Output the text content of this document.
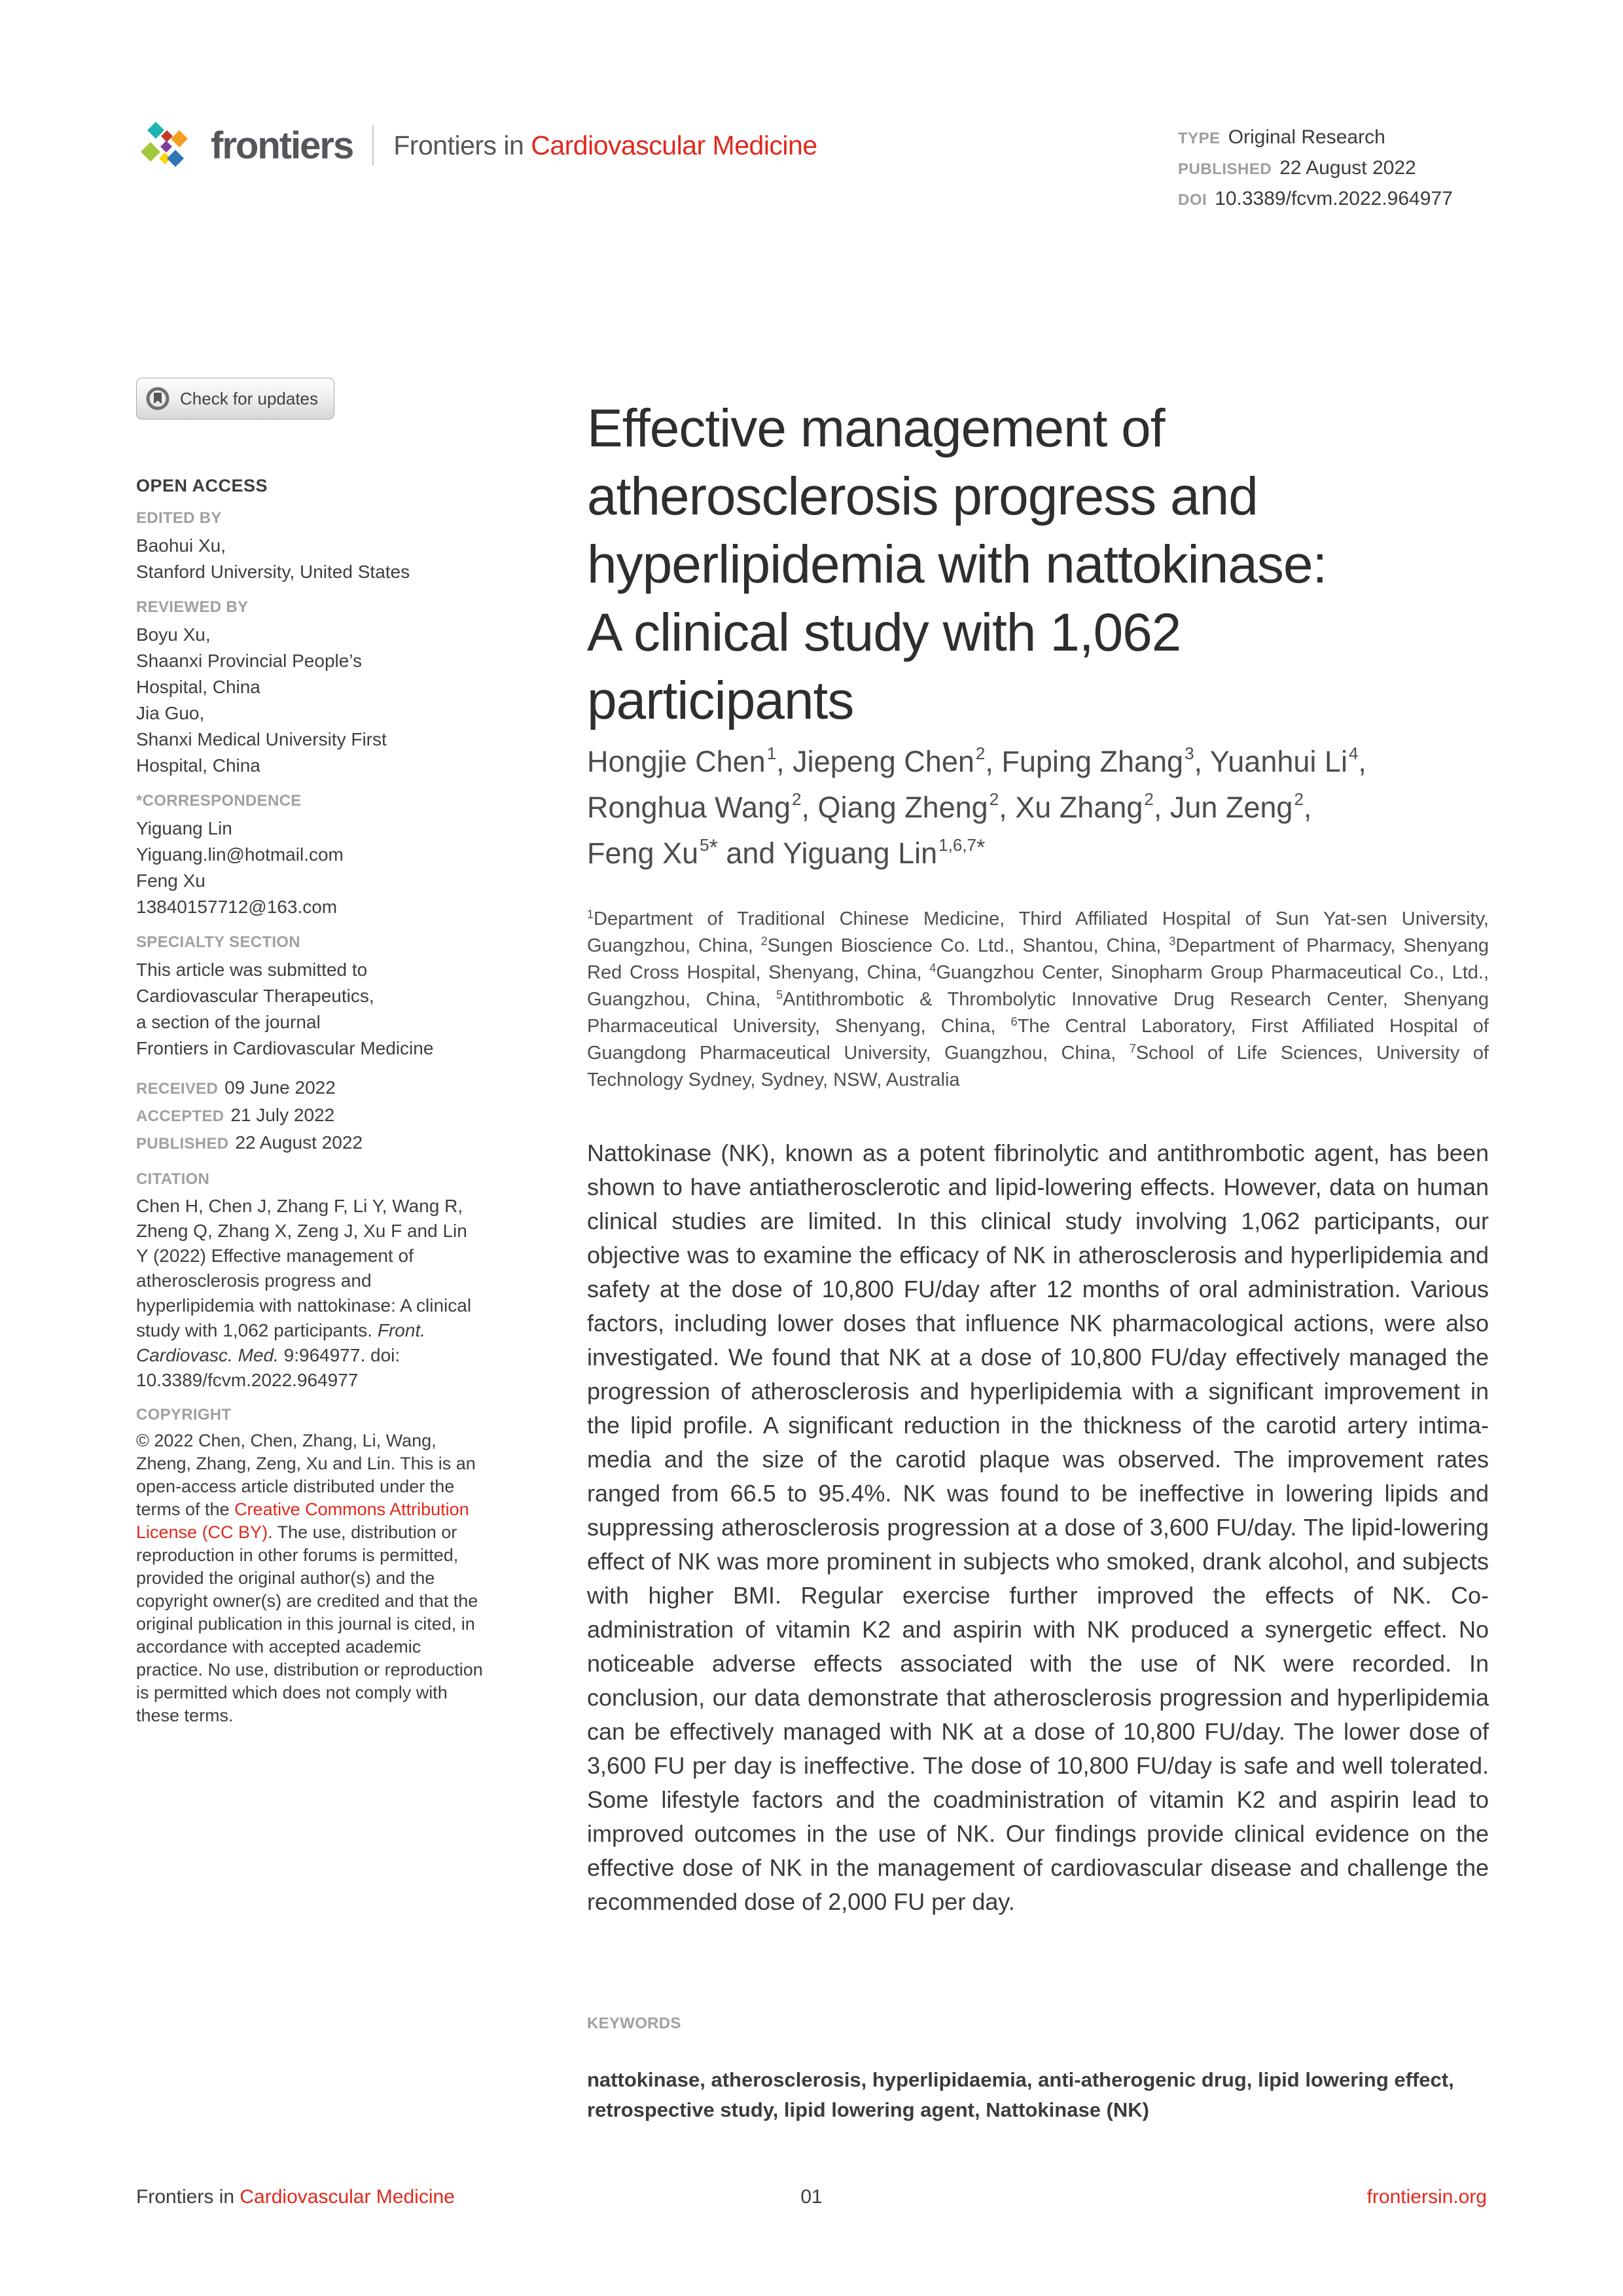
frontiers Frontiers in Cardiovascular Medicine	TYPE Original Research
PUBLISHED 22 August 2022
DOI 10.3389/fcvm.2022.964977
Check for updates
OPEN ACCESS
EDITED BY
Baohui Xu,
Stanford University, United States
REVIEWED BY
Boyu Xu,
Shaanxi Provincial People’s
Hospital, China
Jia Guo,
Shanxi Medical University First
Hospital, China
*CORRESPONDENCE
Yiguang Lin
Yiguang.lin@hotmail.com
Feng Xu
13840157712@163.com
SPECIALTY SECTION
This article was submitted to
Cardiovascular Therapeutics,
a section of the journal
Frontiers in Cardiovascular Medicine
RECEIVED 09 June 2022
ACCEPTED 21 July 2022
PUBLISHED 22 August 2022
CITATION
Chen H, Chen J, Zhang F, Li Y, Wang R, Zheng Q, Zhang X, Zeng J, Xu F and Lin Y (2022) Effective management of atherosclerosis progress and hyperlipidemia with nattokinase: A clinical study with 1,062 participants. Front. Cardiovasc. Med. 9:964977. doi: 10.3389/fcvm.2022.964977
COPYRIGHT
© 2022 Chen, Chen, Zhang, Li, Wang, Zheng, Zhang, Zeng, Xu and Lin. This is an open-access article distributed under the terms of the Creative Commons Attribution License (CC BY). The use, distribution or reproduction in other forums is permitted, provided the original author(s) and the copyright owner(s) are credited and that the original publication in this journal is cited, in accordance with accepted academic practice. No use, distribution or reproduction is permitted which does not comply with these terms.
Effective management of
atherosclerosis progress and
hyperlipidemia with nattokinase:
A clinical study with 1,062
participants
Hongjie Chen$^1$, Jiepeng Chen$^2$, Fuping Zhang$^3$, Yuanhui Li$^4$,
Ronghua Wang$^2$, Qiang Zheng$^2$, Xu Zhang$^2$, Jun Zeng$^2$,
Feng $Xu^{5*}$ and Yiguang Lin$^{1,6,7*}$

$^1$Department of Traditional Chinese Medicine, Third Affiliated Hospital of Sun Yat-sen University, Guangzhou, China, $^2$Sungen Bioscience Co. Ltd., Shantou, China, $^3$Department of Pharmacy, Shenyang Red Cross Hospital, Shenyang, China, $^4$Guangzhou Center, Sinopharm Group Pharmaceutical Co., Ltd., Guangzhou, China, $^5$Antithrombotic & Thrombolytic Innovative Drug Research Center, Shenyang Pharmaceutical University, Shenyang, China, $^6$The Central Laboratory, First Affiliated Hospital of Guangdong Pharmaceutical University, Guangzhou, China, $^7$School of Life Sciences, University of Technology Sydney, Sydney, NSW, Australia

Nattokinase (NK), known as a potent fibrinolytic and antithrombotic agent, has been shown to have antiatherosclerotic and lipid-lowering effects. However, data on human clinical studies are limited. In this clinical study involving 1,062 participants, our objective was to examine the efficacy of NK in atherosclerosis and hyperlipidemia and safety at the dose of 10,800 FU/day after 12 months of oral administration. Various factors, including lower doses that influence NK pharmacological actions, were also investigated. We found that NK at a dose of 10,800 FU/day effectively managed the progression of atherosclerosis and hyperlipidemia with a significant improvement in the lipid profile. A significant reduction in the thickness of the carotid artery intima-media and the size of the carotid plaque was observed. The improvement rates ranged from 66.5 to 95.4%. NK was found to be ineffective in lowering lipids and suppressing atherosclerosis progression at a dose of 3,600 FU/day. The lipid-lowering effect of NK was more prominent in subjects who smoked, drank alcohol, and subjects with higher BMI. Regular exercise further improved the effects of NK. Co-administration of vitamin K2 and aspirin with NK produced a synergetic effect. No noticeable adverse effects associated with the use of NK were recorded. In conclusion, our data demonstrate that atherosclerosis progression and hyperlipidemia can be effectively managed with NK at a dose of 10,800 FU/day. The lower dose of 3,600 FU per day is ineffective. The dose of 10,800 FU/day is safe and well tolerated. Some lifestyle factors and the coadministration of vitamin K2 and aspirin lead to improved outcomes in the use of NK. Our findings provide clinical evidence on the effective dose of NK in the management of cardiovascular disease and challenge the recommended dose of 2,000 FU per day.

KEYWORDS

nattokinase, atherosclerosis, hyperlipidaemia, anti-atherogenic drug, lipid lowering effect, retrospective study, lipid lowering agent, Nattokinase (NK)

Frontiers in Cardiovascular Medicine	01	frontiersin.org
